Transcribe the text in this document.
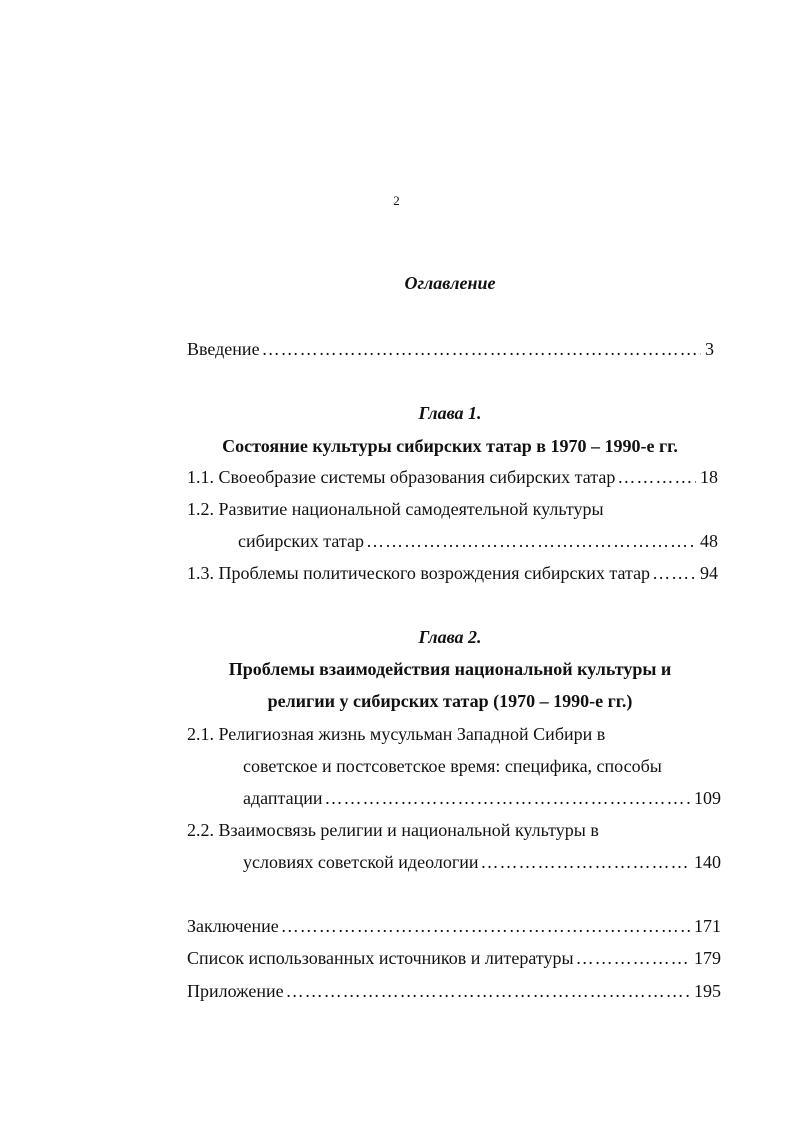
2
Оглавление
Введение ……………………………………………………………………………………………………………………………………	3
Глава 1.
Состояние культуры сибирских татар в 1970 – 1990-е гг.
1.1. Своеобразие системы образования сибирских татар ……………………………………………………………………………………………………………………………………	18
1.2. Развитие национальной самодеятельной культуры
сибирских татар ……………………………………………………………………………………………………………………………………	48
1.3. Проблемы политического возрождения сибирских татар ……………………………………………………………………………………………………………………………………	94
Глава 2.
Проблемы взаимодействия национальной культуры и
религии у сибирских татар (1970 – 1990-е гг.)
2.1. Религиозная жизнь мусульман Западной Сибири в
советское и постсоветское время: специфика, способы
адаптации ……………………………………………………………………………………………………………………………………	109
2.2. Взаимосвязь религии и национальной культуры в
условиях советской идеологии ……………………………………………………………………………………………………………………………………	140
Заключение ……………………………………………………………………………………………………………………………………	171
Список использованных источников и литературы ……………………………………………………………………………………………………………………………………	179
Приложение ……………………………………………………………………………………………………………………………………	195
